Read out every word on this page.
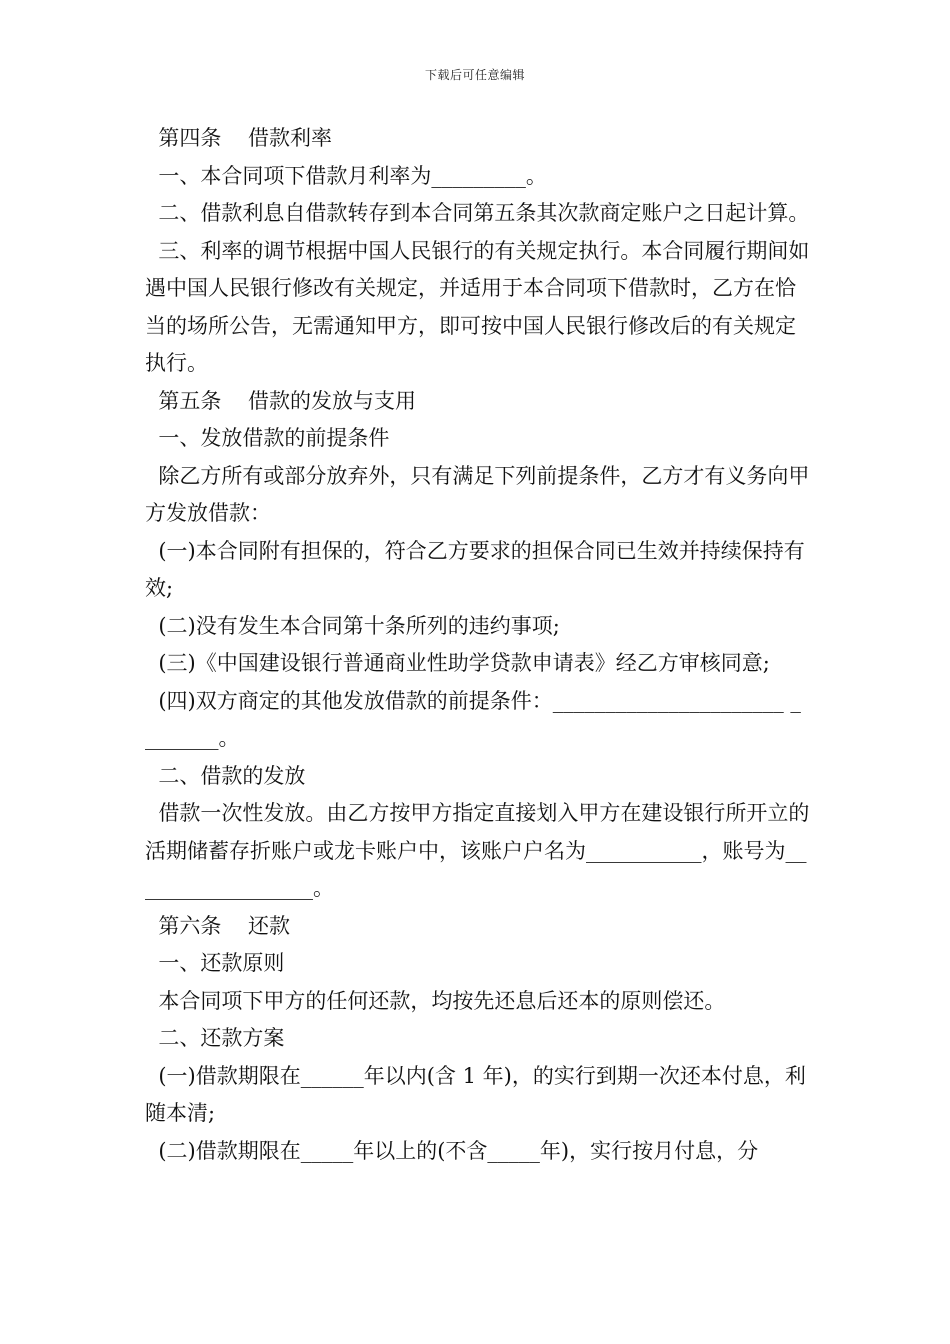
下载后可任意编辑

第四条    借款利率

一、本合同项下借款月利率为_________。

二、借款利息自借款转存到本合同第五条其次款商定账户之日起计算。

三、利率的调节根据中国人民银行的有关规定执行。本合同履行期间如遇中国人民银行修改有关规定，并适用于本合同项下借款时，乙方在恰当的场所公告，无需通知甲方，即可按中国人民银行修改后的有关规定执行。

第五条    借款的发放与支用

一、发放借款的前提条件

除乙方所有或部分放弃外，只有满足下列前提条件，乙方才有义务向甲方发放借款：

(一)本合同附有担保的，符合乙方要求的担保合同已生效并持续保持有效;

(二)没有发生本合同第十条所列的违约事项;

(三)《中国建设银行普通商业性助学贷款申请表》经乙方审核同意;

(四)双方商定的其他发放借款的前提条件：______________________ ________。

二、借款的发放

借款一次性发放。由乙方按甲方指定直接划入甲方在建设银行所开立的活期储蓄存折账户或龙卡账户中，该账户户名为___________，账号为__________________。

第六条    还款

一、还款原则

本合同项下甲方的任何还款，均按先还息后还本的原则偿还。

二、还款方案

(一)借款期限在______年以内(含 1 年)，的实行到期一次还本付息，利随本清;

(二)借款期限在_____年以上的(不含_____年)，实行按月付息，分
